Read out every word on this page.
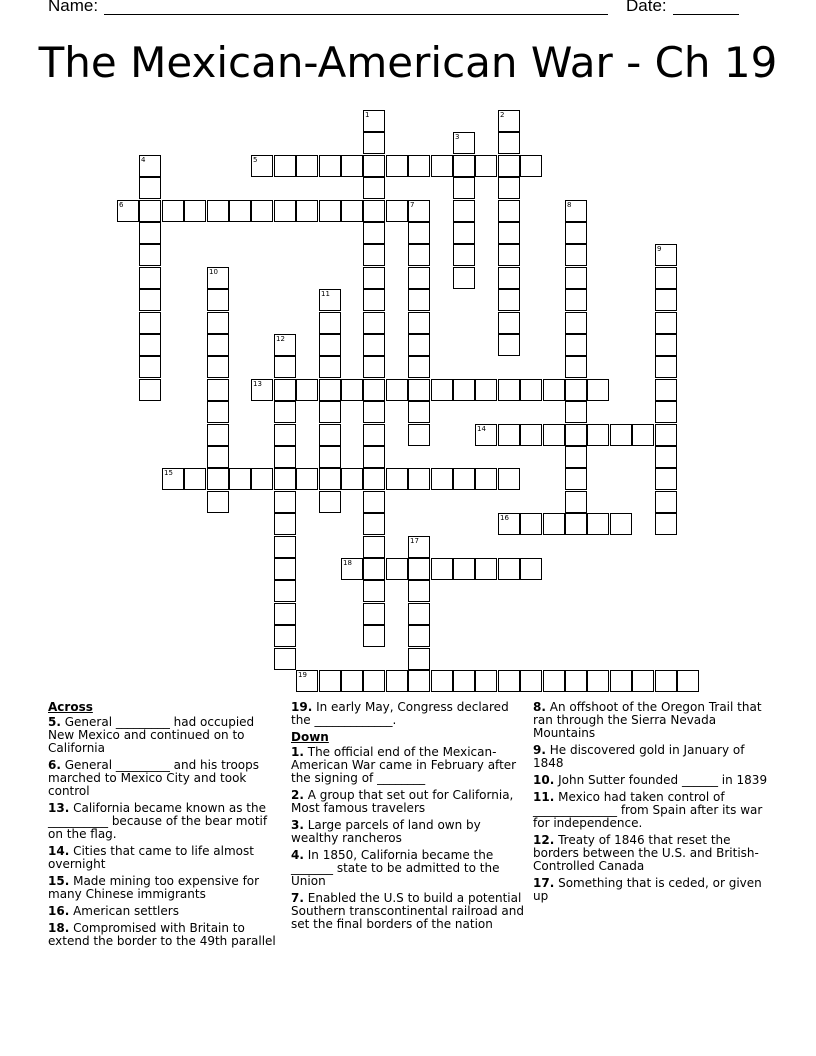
Name:	Date:
The Mexican-American War - Ch 19
1	2
3
4	5
6	7	8
9
10
11
12
13
14
15
16
17
18
19
Across
5. General _________ had occupied New Mexico and continued on to California
6. General _________ and his troops marched to Mexico City and took control
13. California became known as the __________ because of the bear motif on the flag.
14. Cities that came to life almost overnight
15. Made mining too expensive for many Chinese immigrants
16. American settlers
18. Compromised with Britain to extend the border to the 49th parallel
19. In early May, Congress declared the _____________.
Down
1. The official end of the Mexican-American War came in February after the signing of ________
2. A group that set out for California, Most famous travelers
3. Large parcels of land own by wealthy rancheros
4. In 1850, California became the _______ state to be admitted to the Union
7. Enabled the U.S to build a potential Southern transcontinental railroad and set the final borders of the nation
8. An offshoot of the Oregon Trail that ran through the Sierra Nevada Mountains
9. He discovered gold in January of 1848
10. John Sutter founded ______ in 1839
11. Mexico had taken control of ______________ from Spain after its war for independence.
12. Treaty of 1846 that reset the borders between the U.S. and British-Controlled Canada
17. Something that is ceded, or given up
